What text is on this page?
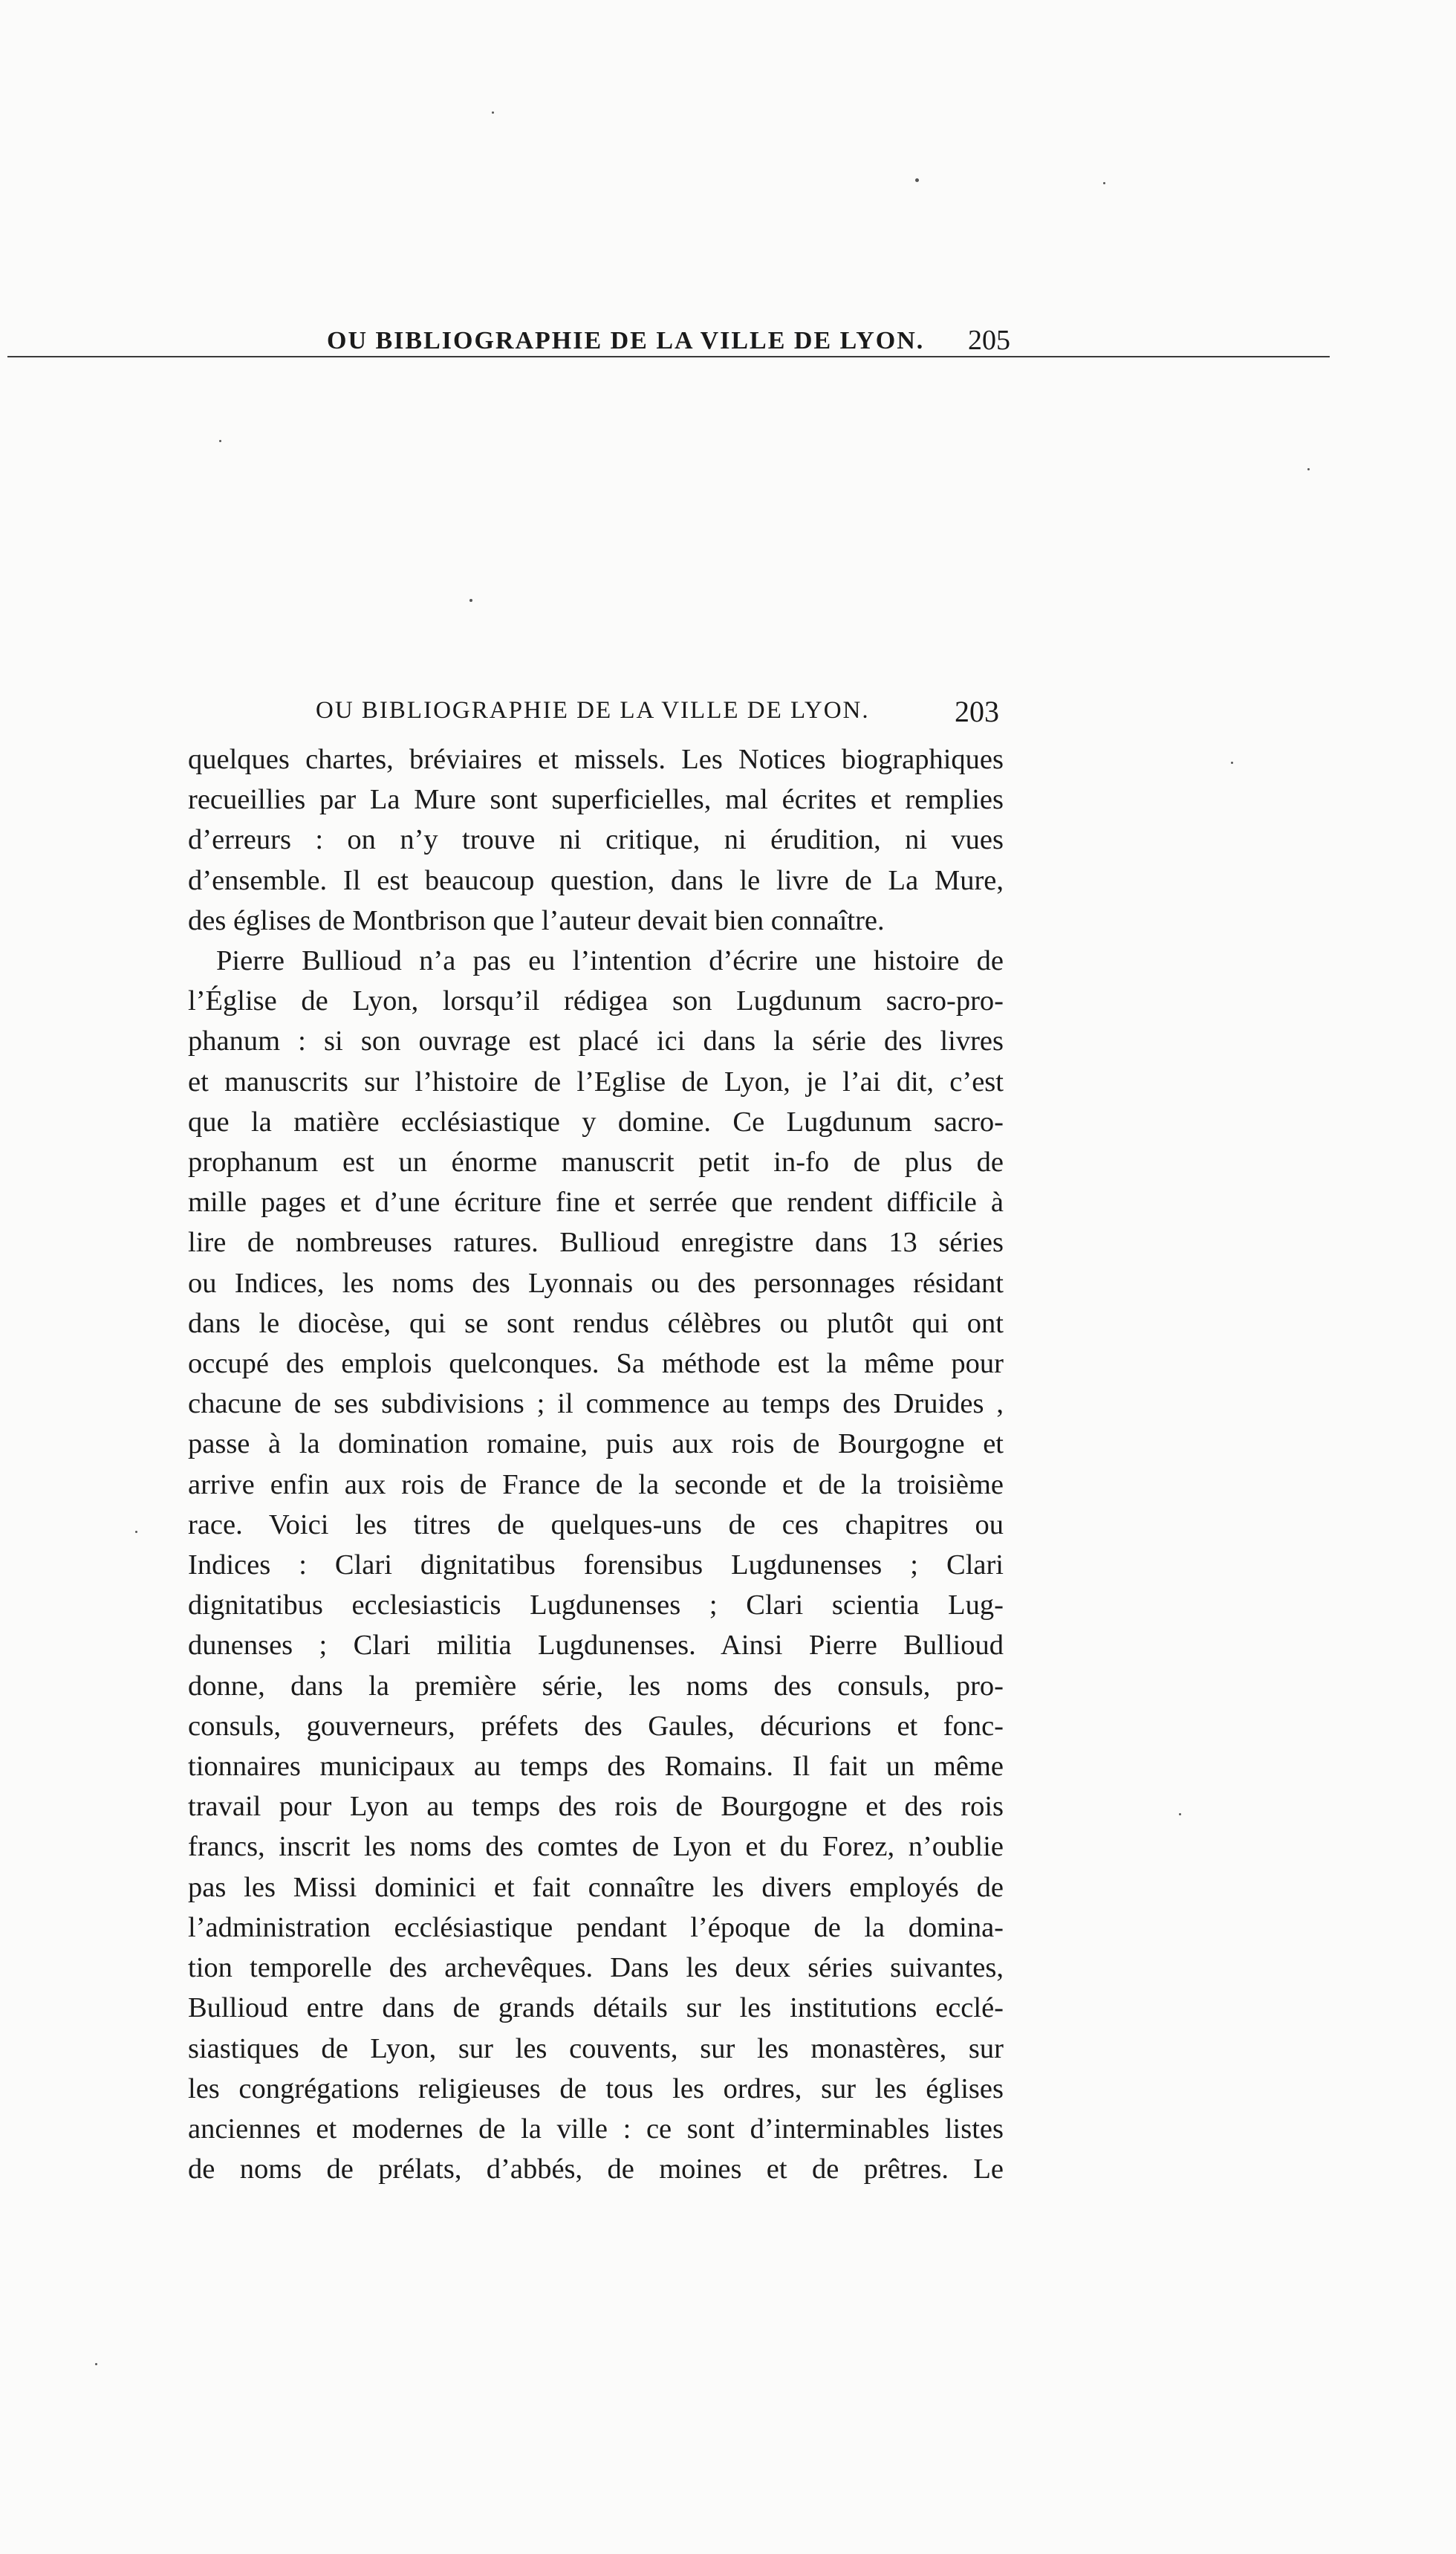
OU BIBLIOGRAPHIE DE LA VILLE DE LYON. 205
OU BIBLIOGRAPHIE DE LA VILLE DE LYON.	203
quelques chartes, bréviaires et missels. Les Notices biographiques
recueillies par La Mure sont superficielles, mal écrites et remplies
d’erreurs : on n’y trouve ni critique, ni érudition, ni vues
d’ensemble. Il est beaucoup question, dans le livre de La Mure,
des églises de Montbrison que l’auteur devait bien connaître.
Pierre Bullioud n’a pas eu l’intention d’écrire une histoire de
l’Église de Lyon, lorsqu’il rédigea son Lugdunum sacro-pro-
phanum : si son ouvrage est placé ici dans la série des livres
et manuscrits sur l’histoire de l’Eglise de Lyon, je l’ai dit, c’est
que la matière ecclésiastique y domine. Ce Lugdunum sacro-
prophanum est un énorme manuscrit petit in-fo de plus de
mille pages et d’une écriture fine et serrée que rendent difficile à
lire de nombreuses ratures. Bullioud enregistre dans 13 séries
ou Indices, les noms des Lyonnais ou des personnages résidant
dans le diocèse, qui se sont rendus célèbres ou plutôt qui ont
occupé des emplois quelconques. Sa méthode est la même pour
chacune de ses subdivisions ; il commence au temps des Druides ,
passe à la domination romaine, puis aux rois de Bourgogne et
arrive enfin aux rois de France de la seconde et de la troisième
race. Voici les titres de quelques-uns de ces chapitres ou
Indices : Clari dignitatibus forensibus Lugdunenses ; Clari
dignitatibus ecclesiasticis Lugdunenses ; Clari scientia Lug-
dunenses ; Clari militia Lugdunenses. Ainsi Pierre Bullioud
donne, dans la première série, les noms des consuls, pro-
consuls, gouverneurs, préfets des Gaules, décurions et fonc-
tionnaires municipaux au temps des Romains. Il fait un même
travail pour Lyon au temps des rois de Bourgogne et des rois
francs, inscrit les noms des comtes de Lyon et du Forez, n’oublie
pas les Missi dominici et fait connaître les divers employés de
l’administration ecclésiastique pendant l’époque de la domina-
tion temporelle des archevêques. Dans les deux séries suivantes,
Bullioud entre dans de grands détails sur les institutions ecclé-
siastiques de Lyon, sur les couvents, sur les monastères, sur
les congrégations religieuses de tous les ordres, sur les églises
anciennes et modernes de la ville : ce sont d’interminables listes
de noms de prélats, d’abbés, de moines et de prêtres. Le
